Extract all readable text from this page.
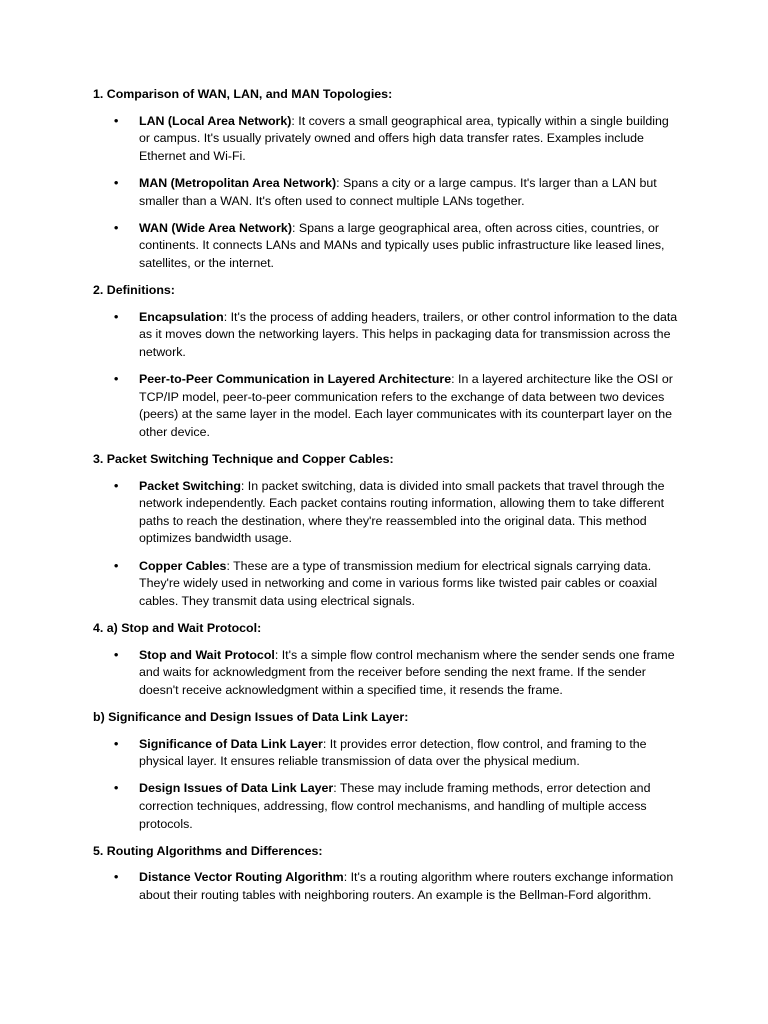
1. Comparison of WAN, LAN, and MAN Topologies:

• LAN (Local Area Network): It covers a small geographical area, typically within a single building or campus. It's usually privately owned and offers high data transfer rates. Examples include Ethernet and Wi-Fi.
• MAN (Metropolitan Area Network): Spans a city or a large campus. It's larger than a LAN but smaller than a WAN. It's often used to connect multiple LANs together.
• WAN (Wide Area Network): Spans a large geographical area, often across cities, countries, or continents. It connects LANs and MANs and typically uses public infrastructure like leased lines, satellites, or the internet.

2. Definitions:

• Encapsulation: It's the process of adding headers, trailers, or other control information to the data as it moves down the networking layers. This helps in packaging data for transmission across the network.
• Peer-to-Peer Communication in Layered Architecture: In a layered architecture like the OSI or TCP/IP model, peer-to-peer communication refers to the exchange of data between two devices (peers) at the same layer in the model. Each layer communicates with its counterpart layer on the other device.

3. Packet Switching Technique and Copper Cables:

• Packet Switching: In packet switching, data is divided into small packets that travel through the network independently. Each packet contains routing information, allowing them to take different paths to reach the destination, where they're reassembled into the original data. This method optimizes bandwidth usage.
• Copper Cables: These are a type of transmission medium for electrical signals carrying data. They're widely used in networking and come in various forms like twisted pair cables or coaxial cables. They transmit data using electrical signals.

4. a) Stop and Wait Protocol:

• Stop and Wait Protocol: It's a simple flow control mechanism where the sender sends one frame and waits for acknowledgment from the receiver before sending the next frame. If the sender doesn't receive acknowledgment within a specified time, it resends the frame.

b) Significance and Design Issues of Data Link Layer:

• Significance of Data Link Layer: It provides error detection, flow control, and framing to the physical layer. It ensures reliable transmission of data over the physical medium.
• Design Issues of Data Link Layer: These may include framing methods, error detection and correction techniques, addressing, flow control mechanisms, and handling of multiple access protocols.

5. Routing Algorithms and Differences:

• Distance Vector Routing Algorithm: It's a routing algorithm where routers exchange information about their routing tables with neighboring routers. An example is the Bellman-Ford algorithm.
